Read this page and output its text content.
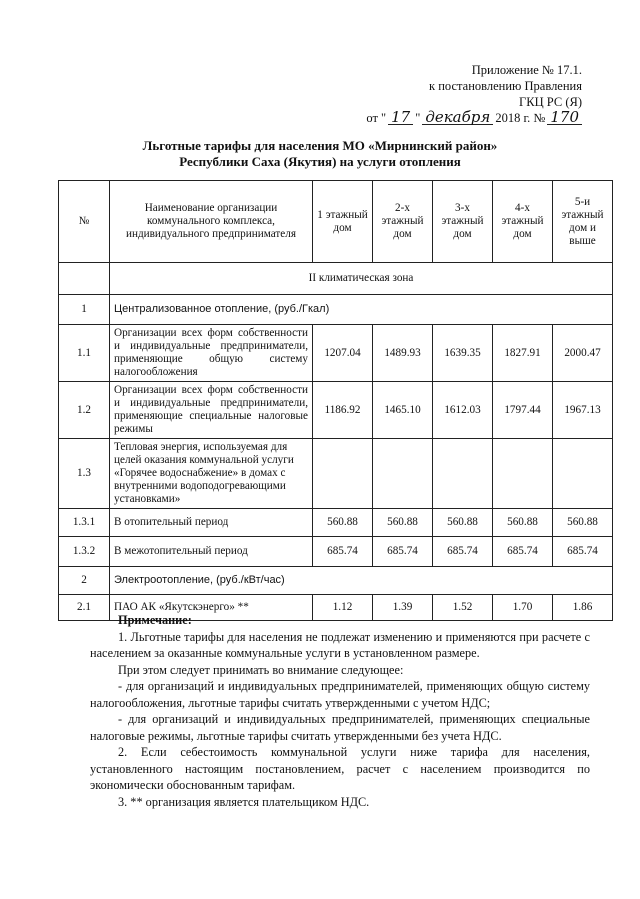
Приложение № 17.1.
к постановлению Правления
ГКЦ РС (Я)
от " 17 " декабря 2018 г. № 170
Льготные тарифы для населения МО «Мирнинский район»
Республики Саха (Якутия) на услуги отопления
№	Наименование организации коммунального комплекса, индивидуального предпринимателя	1 этажный дом	2-х этажный дом	3-х этажный дом	4-х этажный дом	5-и этажный дом и выше
	II климатическая зона					
1	Централизованное отопление, (руб./Гкал)					
1.1	Организации всех форм собственности и индивидуальные предприниматели, применяющие общую систему налогообложения	1207.04	1489.93	1639.35	1827.91	2000.47
1.2	Организации всех форм собственности и индивидуальные предприниматели, применяющие специальные налоговые режимы	1186.92	1465.10	1612.03	1797.44	1967.13
1.3	Тепловая энергия, используемая для целей оказания коммунальной услуги «Горячее водоснабжение» в домах с внутренними водоподогревающими установками»					
1.3.1	В отопительный период	560.88	560.88	560.88	560.88	560.88
1.3.2	В межотопительный период	685.74	685.74	685.74	685.74	685.74
2	Электроотопление, (руб./кВт/час)					
2.1	ПАО АК «Якутскэнерго» **	1.12	1.39	1.52	1.70	1.86

Примечание:

1. Льготные тарифы для населения не подлежат изменению и применяются при расчете с населением за оказанные коммунальные услуги в установленном размере.

При этом следует принимать во внимание следующее:

- для организаций и индивидуальных предпринимателей, применяющих общую систему налогообложения, льготные тарифы считать утвержденными с учетом НДС;

- для организаций и индивидуальных предпринимателей, применяющих специальные налоговые режимы, льготные тарифы считать утвержденными без учета НДС.

2. Если себестоимость коммунальной услуги ниже тарифа для населения, установленного настоящим постановлением, расчет с населением производится по экономически обоснованным тарифам.

3. ** организация является плательщиком НДС.
